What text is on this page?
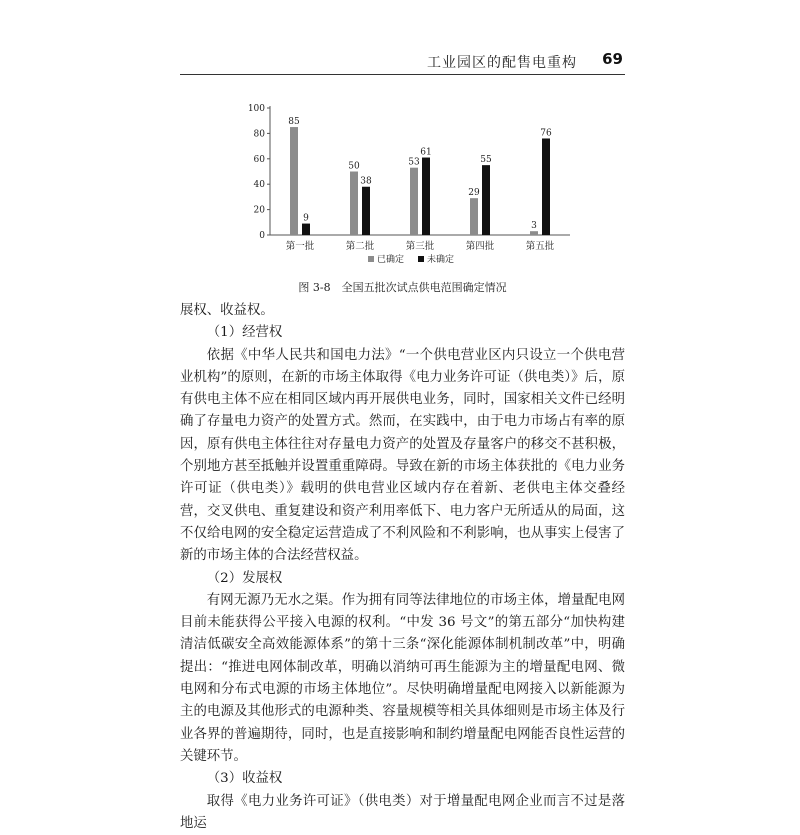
工业园区的配售电重构 69
0
20
40
60
80
100
85
9
第一批
50
38
第二批
53
61
第三批
29
55
第四批
3
76
第五批
已确定	未确定
图 3-8　全国五批次试点供电范围确定情况

展权、收益权。

（1）经营权

依据《中华人民共和国电力法》“一个供电营业区内只设立一个供电营业机构”的原则，在新的市场主体取得《电力业务许可证（供电类）》后，原有供电主体不应在相同区域内再开展供电业务，同时，国家相关文件已经明确了存量电力资产的处置方式。然而，在实践中，由于电力市场占有率的原因，原有供电主体往往对存量电力资产的处置及存量客户的移交不甚积极，个别地方甚至抵触并设置重重障碍。导致在新的市场主体获批的《电力业务许可证（供电类）》载明的供电营业区域内存在着新、老供电主体交叠经营，交叉供电、重复建设和资产利用率低下、电力客户无所适从的局面，这不仅给电网的安全稳定运营造成了不利风险和不利影响，也从事实上侵害了新的市场主体的合法经营权益。

（2）发展权

有网无源乃无水之渠。作为拥有同等法律地位的市场主体，增量配电网目前未能获得公平接入电源的权利。“中发 36 号文”的第五部分“加快构建清洁低碳安全高效能源体系”的第十三条“深化能源体制机制改革”中，明确提出：“推进电网体制改革，明确以消纳可再生能源为主的增量配电网、微电网和分布式电源的市场主体地位”。尽快明确增量配电网接入以新能源为主的电源及其他形式的电源种类、容量规模等相关具体细则是市场主体及行业各界的普遍期待，同时，也是直接影响和制约增量配电网能否良性运营的关键环节。

（3）收益权

取得《电力业务许可证》（供电类）对于增量配电网企业而言不过是落地运
